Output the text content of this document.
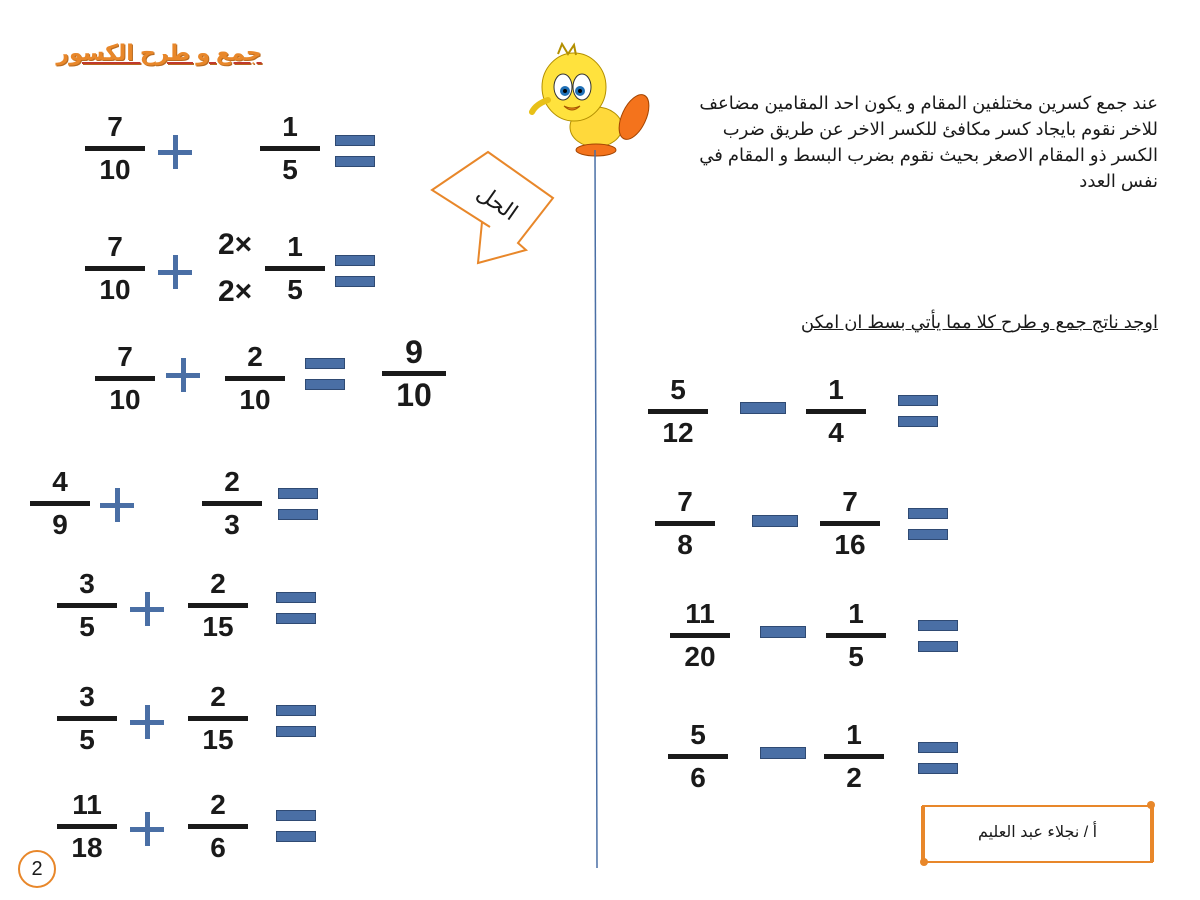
جمع و طرح الكسور
7
10
1
5
7
10
2×
2×
1
5
7
10
2
10
9
10
4
9
2
3
3
5
2
15
3
5
2
15
11
18
2
6
الحل
عند جمع كسرين مختلفين المقام و يكون احد المقامين مضاعف للاخر نقوم بايجاد كسر مكافئ للكسر الاخر عن طريق ضرب الكسر ذو المقام الاصغر بحيث نقوم بضرب البسط و المقام في نفس العدد
اوجد ناتج جمع و طرح كلا مما يأتي بسط ان امكن
5
12
1
4
7
8
7
16
11
20
1
5
5
6
1
2
أ / نجلاء عبد العليم
2
